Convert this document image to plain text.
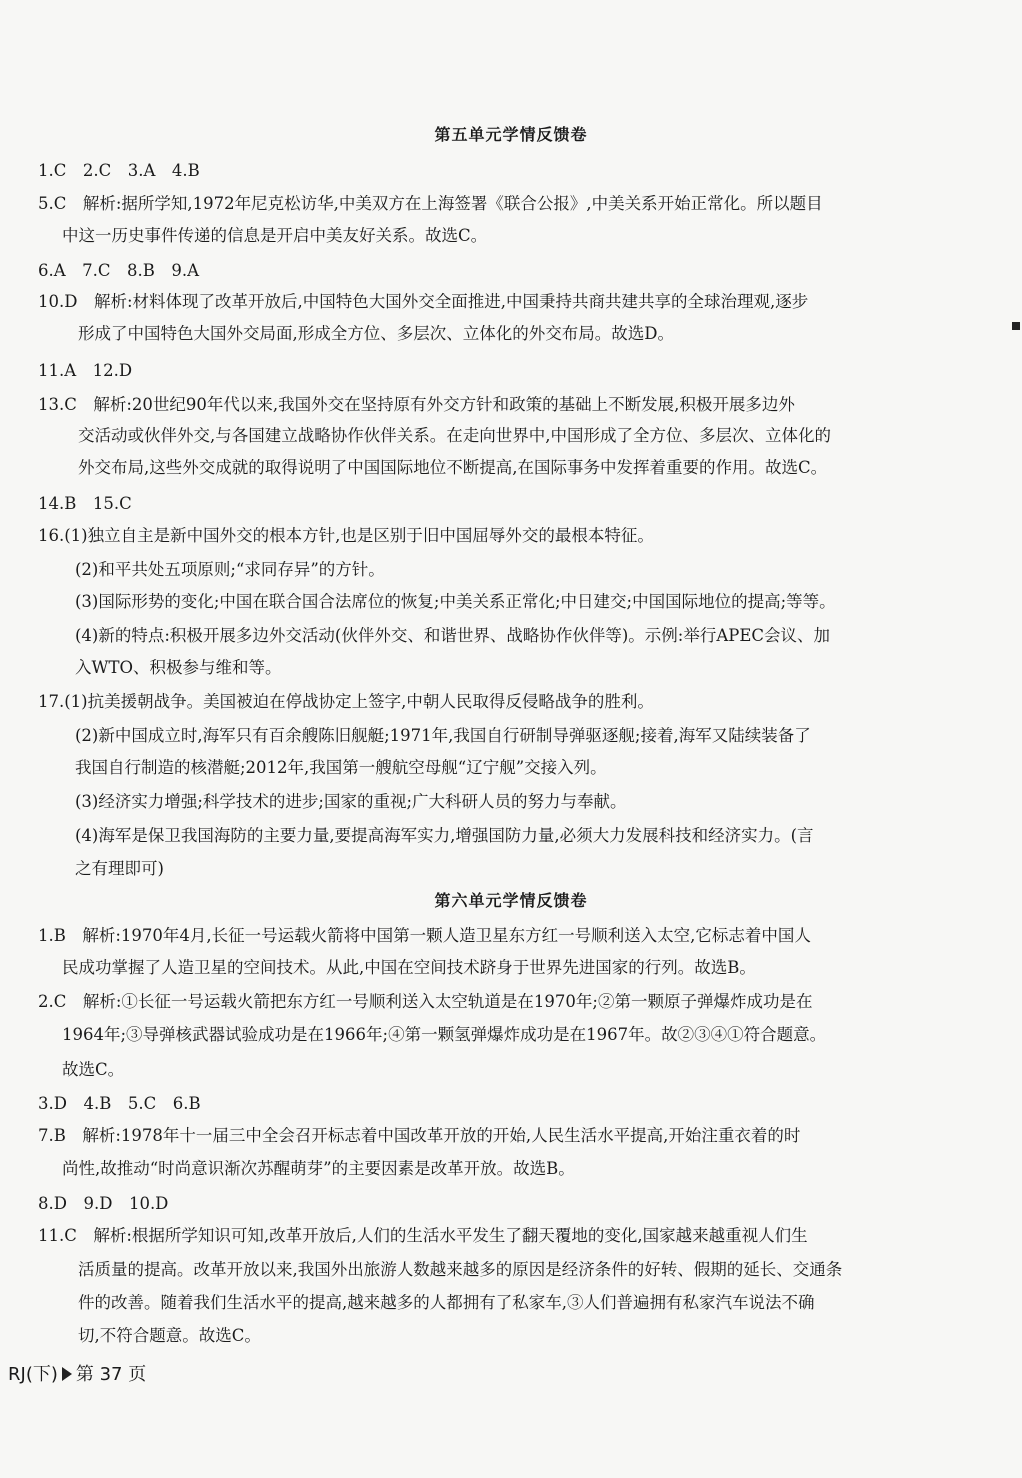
第五单元学情反馈卷
1.C　2.C　3.A　4.B
5.C　解析:据所学知,1972年尼克松访华,中美双方在上海签署《联合公报》,中美关系开始正常化。所以题目
中这一历史事件传递的信息是开启中美友好关系。故选C。
6.A　7.C　8.B　9.A
10.D　解析:材料体现了改革开放后,中国特色大国外交全面推进,中国秉持共商共建共享的全球治理观,逐步
形成了中国特色大国外交局面,形成全方位、多层次、立体化的外交布局。故选D。
11.A　12.D
13.C　解析:20世纪90年代以来,我国外交在坚持原有外交方针和政策的基础上不断发展,积极开展多边外
交活动或伙伴外交,与各国建立战略协作伙伴关系。在走向世界中,中国形成了全方位、多层次、立体化的
外交布局,这些外交成就的取得说明了中国国际地位不断提高,在国际事务中发挥着重要的作用。故选C。
14.B　15.C
16.(1)独立自主是新中国外交的根本方针,也是区别于旧中国屈辱外交的最根本特征。
(2)和平共处五项原则;“求同存异”的方针。
(3)国际形势的变化;中国在联合国合法席位的恢复;中美关系正常化;中日建交;中国国际地位的提高;等等。
(4)新的特点:积极开展多边外交活动(伙伴外交、和谐世界、战略协作伙伴等)。示例:举行APEC会议、加
入WTO、积极参与维和等。
17.(1)抗美援朝战争。美国被迫在停战协定上签字,中朝人民取得反侵略战争的胜利。
(2)新中国成立时,海军只有百余艘陈旧舰艇;1971年,我国自行研制导弹驱逐舰;接着,海军又陆续装备了
我国自行制造的核潜艇;2012年,我国第一艘航空母舰“辽宁舰”交接入列。
(3)经济实力增强;科学技术的进步;国家的重视;广大科研人员的努力与奉献。
(4)海军是保卫我国海防的主要力量,要提高海军实力,增强国防力量,必须大力发展科技和经济实力。(言
之有理即可)
第六单元学情反馈卷
1.B　解析:1970年4月,长征一号运载火箭将中国第一颗人造卫星东方红一号顺利送入太空,它标志着中国人
民成功掌握了人造卫星的空间技术。从此,中国在空间技术跻身于世界先进国家的行列。故选B。
2.C　解析:①长征一号运载火箭把东方红一号顺利送入太空轨道是在1970年;②第一颗原子弹爆炸成功是在
1964年;③导弹核武器试验成功是在1966年;④第一颗氢弹爆炸成功是在1967年。故②③④①符合题意。
故选C。
3.D　4.B　5.C　6.B
7.B　解析:1978年十一届三中全会召开标志着中国改革开放的开始,人民生活水平提高,开始注重衣着的时
尚性,故推动“时尚意识渐次苏醒萌芽”的主要因素是改革开放。故选B。
8.D　9.D　10.D
11.C　解析:根据所学知识可知,改革开放后,人们的生活水平发生了翻天覆地的变化,国家越来越重视人们生
活质量的提高。改革开放以来,我国外出旅游人数越来越多的原因是经济条件的好转、假期的延长、交通条
件的改善。随着我们生活水平的提高,越来越多的人都拥有了私家车,③人们普遍拥有私家汽车说法不确
切,不符合题意。故选C。
RJ(下) 第 37 页
